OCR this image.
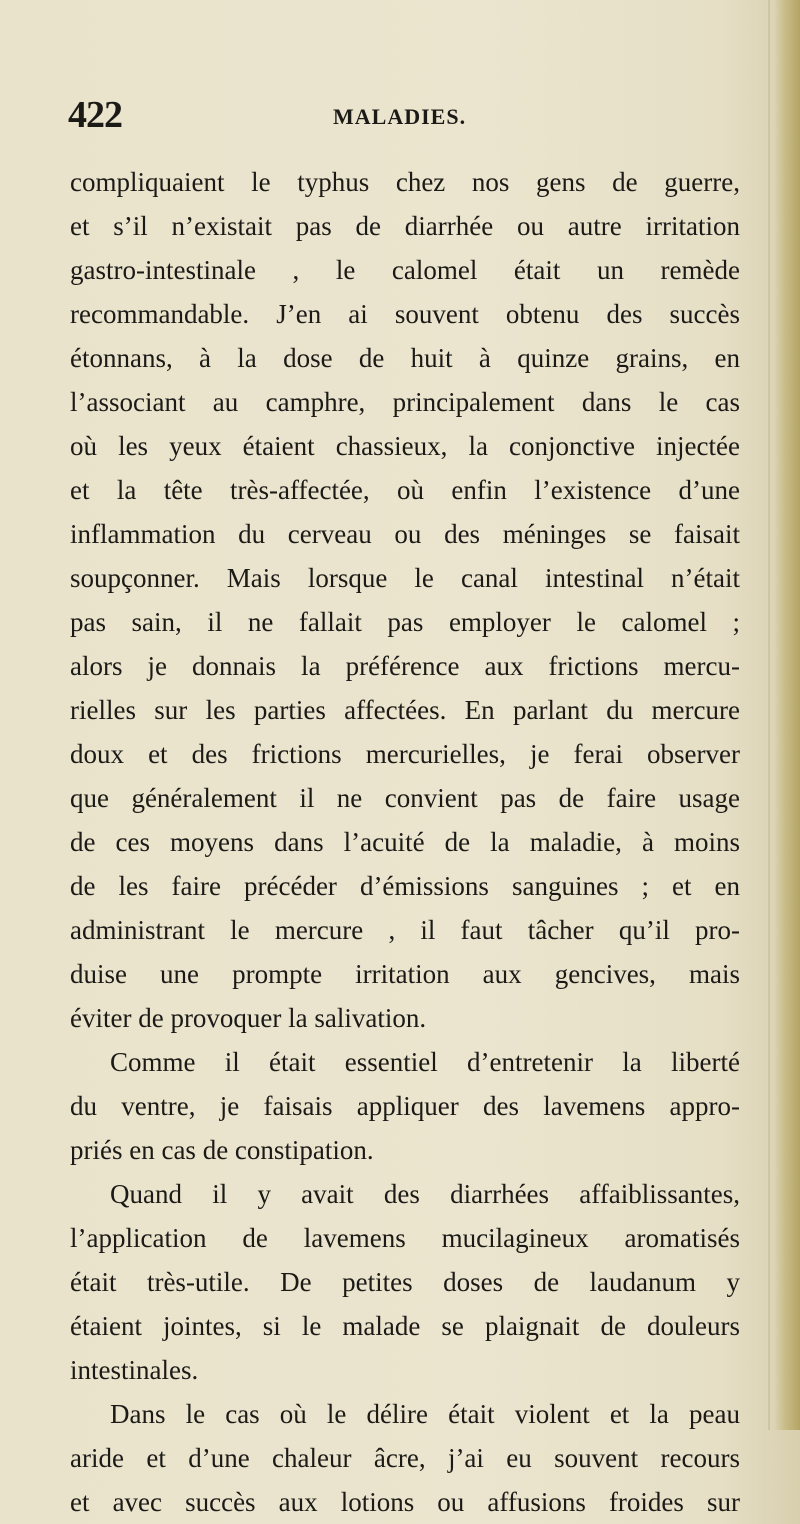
422	MALADIES.
compliquaient le typhus chez nos gens de guerre,
et s’il n’existait pas de diarrhée ou autre irritation
gastro-intestinale , le calomel était un remède
recommandable. J’en ai souvent obtenu des succès
étonnans, à la dose de huit à quinze grains, en
l’associant au camphre, principalement dans le cas
où les yeux étaient chassieux, la conjonctive injectée
et la tête très-affectée, où enfin l’existence d’une
inflammation du cerveau ou des méninges se faisait
soupçonner. Mais lorsque le canal intestinal n’était
pas sain, il ne fallait pas employer le calomel ;
alors je donnais la préférence aux frictions mercu-
rielles sur les parties affectées. En parlant du mercure
doux et des frictions mercurielles, je ferai observer
que généralement il ne convient pas de faire usage
de ces moyens dans l’acuité de la maladie, à moins
de les faire précéder d’émissions sanguines ; et en
administrant le mercure , il faut tâcher qu’il pro-
duise une prompte irritation aux gencives, mais
éviter de provoquer la salivation.
Comme il était essentiel d’entretenir la liberté
du ventre, je faisais appliquer des lavemens appro-
priés en cas de constipation.
Quand il y avait des diarrhées affaiblissantes,
l’application de lavemens mucilagineux aromatisés
était très-utile. De petites doses de laudanum y
étaient jointes, si le malade se plaignait de douleurs
intestinales.
Dans le cas où le délire était violent et la peau
aride et d’une chaleur âcre, j’ai eu souvent recours
et avec succès aux lotions ou affusions froides sur
